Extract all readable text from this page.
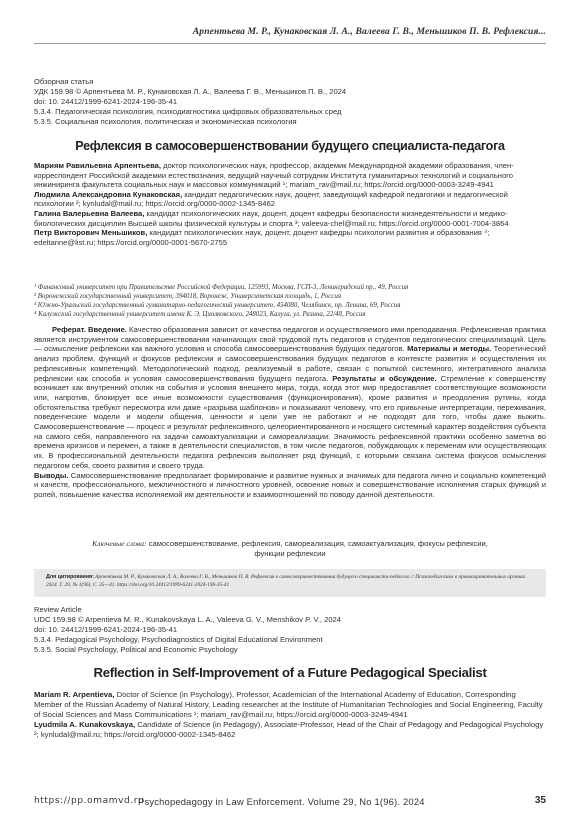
Арпентьева М. Р., Кунаковская Л. А., Валеева Г. В., Меньшиков П. В. Рефлексия...
Обзорная статья
УДК 159.98 © Арпентьева М. Р., Кунаковская Л. А., Валеева Г. В., Меньшиков П. В., 2024
doi: 10. 24412/1999-6241-2024-196-35-41
5.3.4. Педагогическая психология, психодиагностика цифровых образовательных сред
5.3.5. Социальная психология, политическая и экономическая психология
Рефлексия в самосовершенствовании будущего специалиста-педагога

Мариям Равильевна Арпентьева, доктор психологических наук, профессор, академик Международной академии образования, член-корреспондент Российской академии естествознания, ведущий научный сотрудник Института гуманитарных технологий и социального инжиниринга факультета социальных наук и массовых коммуникаций ¹; mariam_rav@mail.ru; https://orcid.org/0000-0003-3249-4941

Людмила Александровна Кунаковская, кандидат педагогических наук, доцент, заведующий кафедрой педагогики и педагогической психологии ²; kynludal@mail.ru; https://orcid.org/0000-0002-1345-8462

Галина Валерьевна Валеева, кандидат психологических наук, доцент, доцент кафедры безопасности жизнедеятельности и медико-биологических дисциплин Высшей школы физической культуры и спорта ³; valeeva-chel@mail.ru; https://orcid.org/0000-0001-7004-3864

Петр Викторович Меньшиков, кандидат психологических наук, доцент, доцент кафедры психологии развития и образования ⁴; edeltanne@list.ru; https://orcid.org/0000-0001-5670-2755

¹ Финансовый университет при Правительстве Российской Федерации, 125993, Москва, ГСП-3, Ленинградский пр., 49, Россия
² Воронежский государственный университет, 394018, Воронеж, Университетская площадь, 1, Россия
³ Южно-Уральский государственный гуманитарно-педагогический университет, 454080, Челябинск, пр. Ленина, 69, Россия
⁴ Калужский государственный университет имени К. Э. Циолковского, 248023, Калуга, ул. Разина, 22/48, Россия

Реферат. Введение. Качество образования зависит от качества педагогов и осуществляемого ими преподавания. Рефлексивная практика является инструментом самосовершенствования начинающих свой трудовой путь педагогов и студентов педагогических специализаций. Цель — осмысление рефлексии как важного условия и способа самосовершенствования будущих педагогов. Материалы и методы. Теоретический анализ проблем, функций и фокусов рефлексии и самосовершенствования будущих педагогов в контексте развития и осуществления их рефлексивных компетенций. Методологический подход, реализуемый в работе, связан с попыткой системного, интегративного анализа рефлексии как способа и условия самосовершенствования будущего педагога. Результаты и обсуждение. Стремление к совершенству возникает как внутренний отклик на события и условия внешнего мира, тогда, когда этот мир предоставляет соответствующие возможности или, напротив, блокирует все иные возможности существования (функционирования), кроме развития и преодоления рутины, когда обстоятельства требуют пересмотра или даже «разрыва шаблонов» и показывают человеку, что его привычные интерпретации, переживания, поведенческие модели и модели общения, ценности и цели уже не работают и не подходят для того, чтобы даже выжить. Самосовершенствование — процесс и результат рефлексивного, целеориентированного и носящего системный характер воздействия субъекта на самого себя, направленного на задачи самоактуализации и самореализации. Значимость рефлексивной практики особенно заметна во времена кризисов и перемен, а также в деятельности специалистов, в том числе педагогов, побуждающих к переменам или осуществляющих их. В профессиональной деятельности педагога рефлексия выполняет ряд функций, с которыми связана система фокусов осмысления педагогом себя, своего развития и своего труда.

Выводы. Самосовершенствование предполагает формирование и развитие нужных и значимых для педагога лично и социально компетенций и качеств, профессионального, межличностного и личностного уровней, освоение новых и совершенствование исполнения старых функций и ролей, повышение качества исполняемой им деятельности и взаимоотношений по поводу данной деятельности.

Ключевые слова: самосовершенствование, рефлексия, самореализация, самоактуализация, фокусы рефлексии, функции рефлексии
Для цитирования: Арпентьева М. Р., Кунаковская Л. А., Валеева Г. В., Меньшиков П. В. Рефлексия в самосовершенствовании будущего специалиста-педагога // Психопедагогика в правоохранительных органах. 2024. Т. 29, № 1(96). С. 35—41. https://doi.org/10.24412/1999-6241-2024-196-35-41
Review Article
UDC 159.98 © Arpentieva M. R., Kunakovskaya L. A., Valeeva G. V., Menshikov P. V., 2024
doi: 10. 24412/1999-6241-2024-196-35-41
5.3.4. Pedagogical Psychology, Psychodiagnostics of Digital Educational Environment
5.3.5. Social Psychology, Political and Economic Psychology
Reflection in Self-Improvement of a Future Pedagogical Specialist

Mariam R. Arpentieva, Doctor of Science (in Psychology), Professor, Academician of the International Academy of Education, Corresponding Member of the Russian Academy of Natural History, Leading researcher at the Institute of Humanitarian Technologies and Social Engineering, Faculty of Social Sciences and Mass Communications ¹; mariam_rav@mail.ru; https://orcid.org/0000-0003-3249-4941

Lyudmila A. Kunakovskaya, Candidate of Science (in Pedagogy), Associate-Professor, Head of the Chair of Pedagogy and Pedagogical Psychology ²; kynludal@mail.ru; https://orcid.org/0000-0002-1345-8462

https://pp.omamvd.ru
Psychopedagogy in Law Enforcement. Volume 29, No 1(96). 2024	35
